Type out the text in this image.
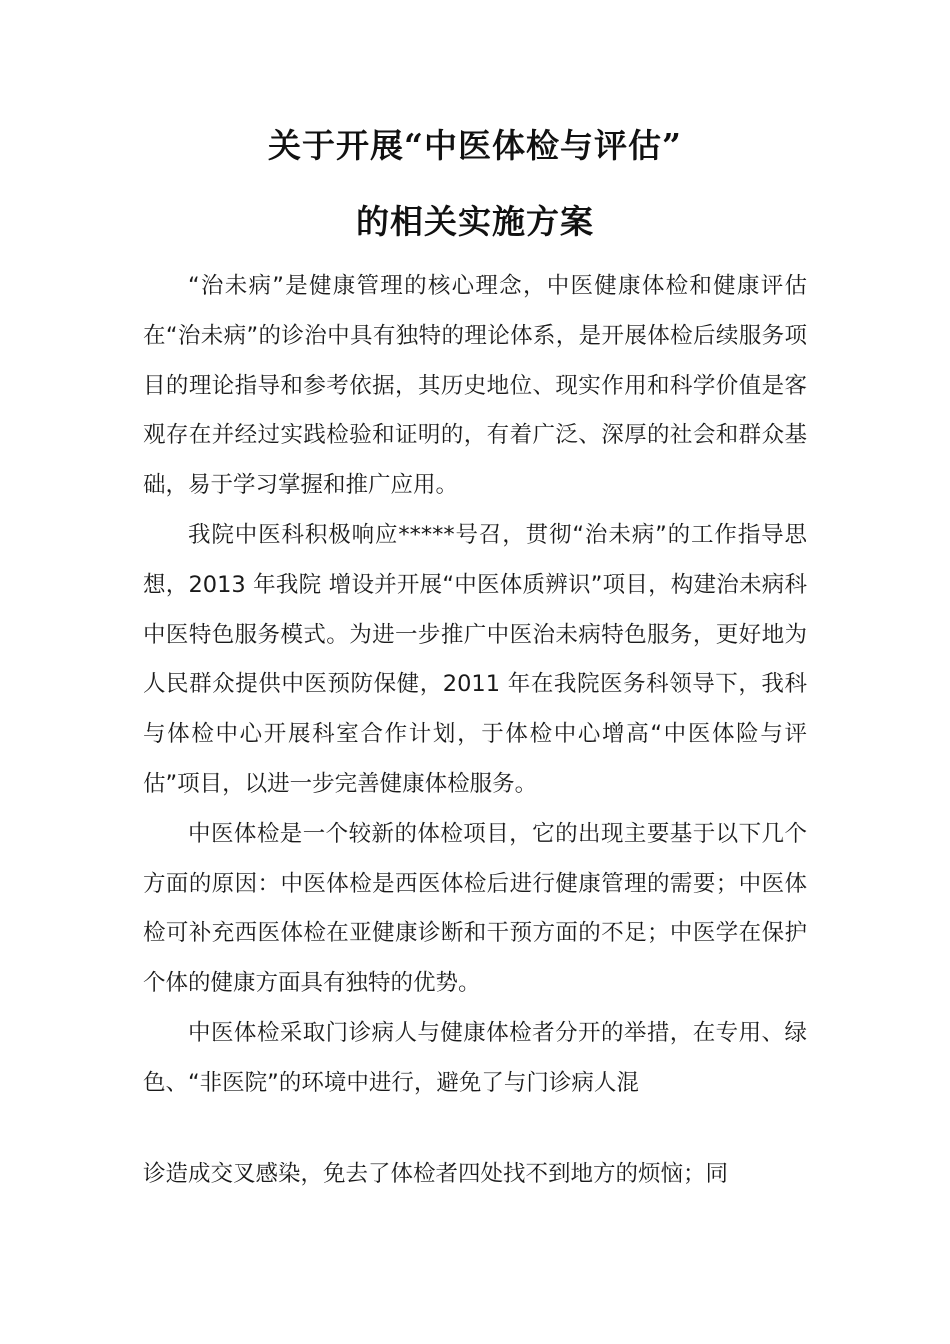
关于开展“中医体检与评估”
的相关实施方案

“治未病”是健康管理的核心理念，中医健康体检和健康评估在“治未病”的诊治中具有独特的理论体系，是开展体检后续服务项目的理论指导和参考依据，其历史地位、现实作用和科学价值是客观存在并经过实践检验和证明的，有着广泛、深厚的社会和群众基础，易于学习掌握和推广应用。

我院中医科积极响应*****号召，贯彻“治未病”的工作指导思想，2013 年我院 增设并开展“中医体质辨识”项目，构建治未病科中医特色服务模式。为进一步推广中医治未病特色服务，更好地为人民群众提供中医预防保健，2011 年在我院医务科领导下，我科与体检中心开展科室合作计划，于体检中心增高“中医体险与评估”项目，以进一步完善健康体检服务。

中医体检是一个较新的体检项目，它的出现主要基于以下几个方面的原因：中医体检是西医体检后进行健康管理的需要；中医体检可补充西医体检在亚健康诊断和干预方面的不足；中医学在保护个体的健康方面具有独特的优势。

中医体检采取门诊病人与健康体检者分开的举措，在专用、绿色、“非医院”的环境中进行，避免了与门诊病人混

诊造成交叉感染，免去了体检者四处找不到地方的烦恼；同
